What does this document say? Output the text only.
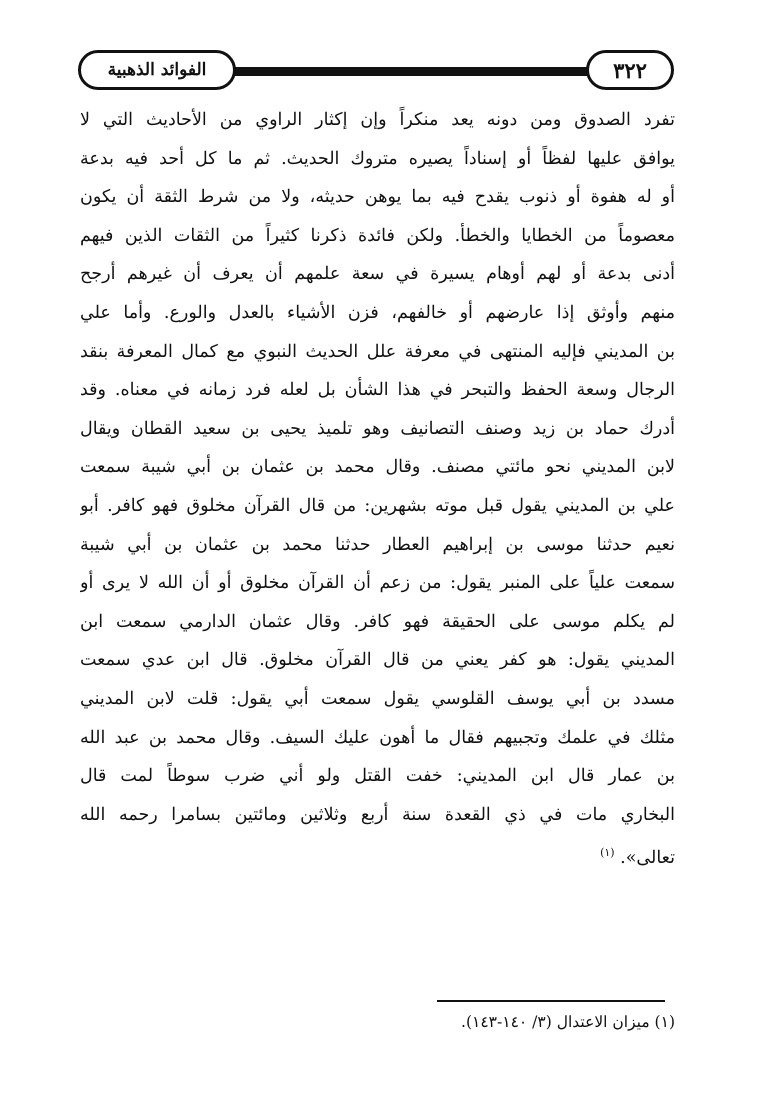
الفوائد الذهبية	٣٢٢
تفرد الصدوق ومن دونه يعد منكراً وإن إكثار الراوي من الأحاديث التي لا
يوافق عليها لفظاً أو إسناداً يصيره متروك الحديث. ثم ما كل أحد فيه بدعة
أو له هفوة أو ذنوب يقدح فيه بما يوهن حديثه، ولا من شرط الثقة أن يكون
معصوماً من الخطايا والخطأ. ولكن فائدة ذكرنا كثيراً من الثقات الذين فيهم
أدنى بدعة أو لهم أوهام يسيرة في سعة علمهم أن يعرف أن غيرهم أرجح
منهم وأوثق إذا عارضهم أو خالفهم، فزن الأشياء بالعدل والورع. وأما علي
بن المديني فإليه المنتهى في معرفة علل الحديث النبوي مع كمال المعرفة بنقد
الرجال وسعة الحفظ والتبحر في هذا الشأن بل لعله فرد زمانه في معناه. وقد
أدرك حماد بن زيد وصنف التصانيف وهو تلميذ يحيى بن سعيد القطان ويقال
لابن المديني نحو مائتي مصنف. وقال محمد بن عثمان بن أبي شيبة سمعت
علي بن المديني يقول قبل موته بشهرين: من قال القرآن مخلوق فهو كافر. أبو
نعيم حدثنا موسى بن إبراهيم العطار حدثنا محمد بن عثمان بن أبي شيبة
سمعت علياً على المنبر يقول: من زعم أن القرآن مخلوق أو أن الله لا يرى أو
لم يكلم موسى على الحقيقة فهو كافر. وقال عثمان الدارمي سمعت ابن
المديني يقول: هو كفر يعني من قال القرآن مخلوق. قال ابن عدي سمعت
مسدد بن أبي يوسف القلوسي يقول سمعت أبي يقول: قلت لابن المديني
مثلك في علمك وتجبيهم فقال ما أهون عليك السيف. وقال محمد بن عبد الله
بن عمار قال ابن المديني: خفت القتل ولو أني ضرب سوطاً لمت قال
البخاري مات في ذي القعدة سنة أربع وثلاثين ومائتين بسامرا رحمه الله
تعالى». $^{(١)}$
(١) ميزان الاعتدال (٣/ ١٤٠-١٤٣).
